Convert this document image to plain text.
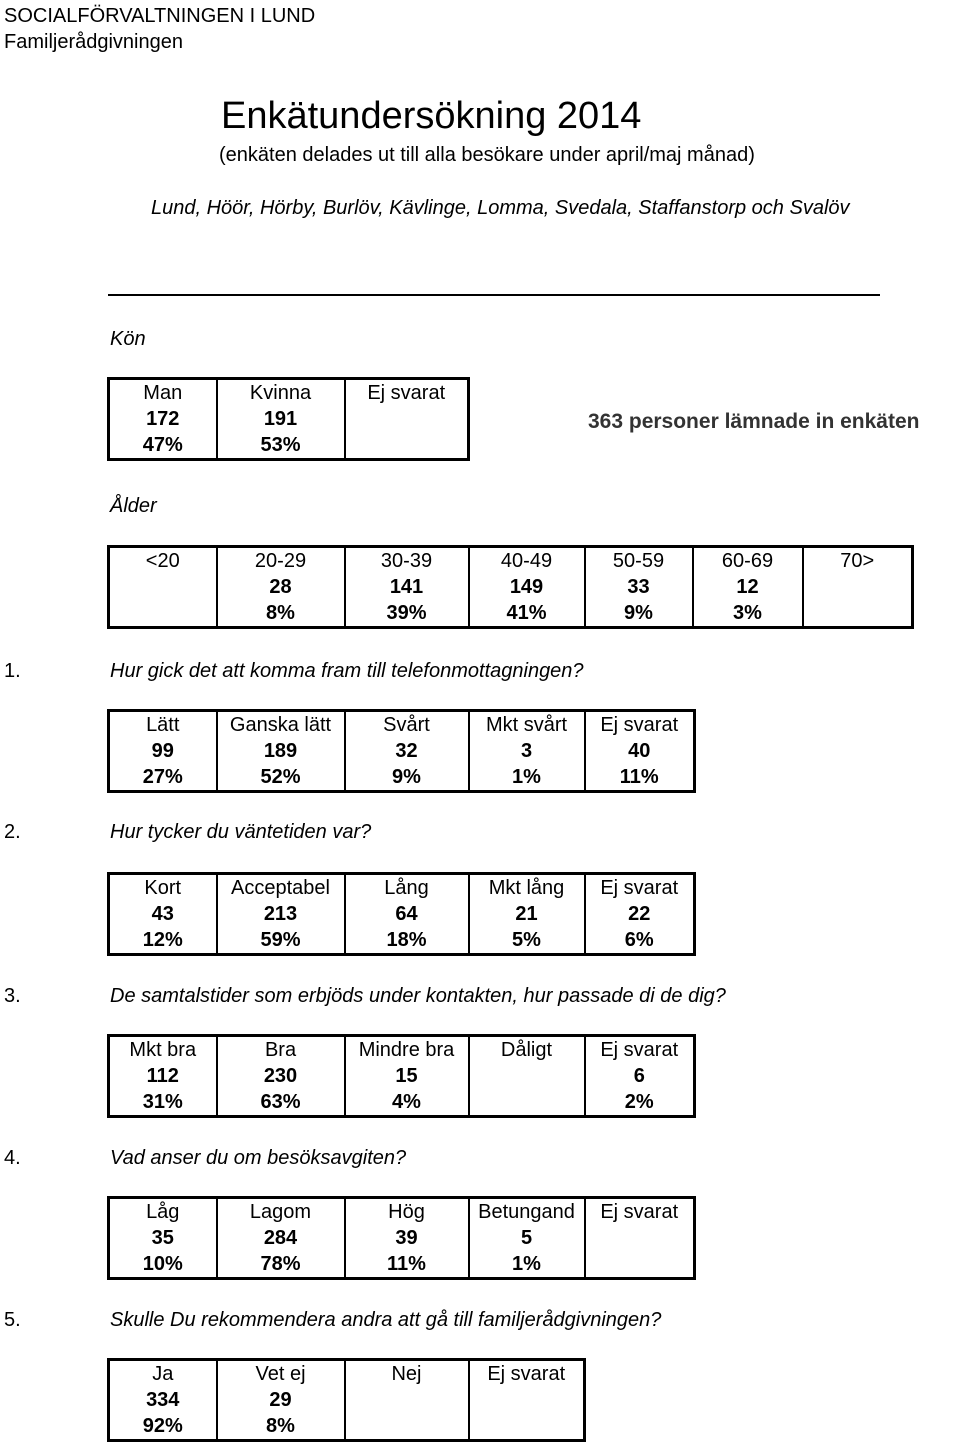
SOCIALFÖRVALTNINGEN I LUND
Familjerådgivningen
Enkätundersökning 2014
(enkäten delades ut till alla besökare under april/maj månad)
Lund, Höör, Hörby, Burlöv, Kävlinge, Lomma, Svedala, Staffanstorp och Svalöv
Kön
Man	Kvinna	Ej svarat
172	191	
47%	53%	
363 personer lämnade in enkäten
Ålder
<20	20-29	30-39	40-49	50-59	60-69	70>
	28	141	149	33	12	
	8%	39%	41%	9%	3%	
1.	Hur gick det att komma fram till telefonmottagningen?
Lätt	Ganska lätt	Svårt	Mkt svårt	Ej svarat
99	189	32	3	40
27%	52%	9%	1%	11%
2.	Hur tycker du väntetiden var?
Kort	Acceptabel	Lång	Mkt lång	Ej svarat
43	213	64	21	22
12%	59%	18%	5%	6%
3.	De samtalstider som erbjöds under kontakten, hur passade di de dig?
Mkt bra	Bra	Mindre bra	Dåligt	Ej svarat
112	230	15		6
31%	63%	4%		2%
4.	Vad anser du om besöksavgiten?
Låg	Lagom	Hög	Betungand	Ej svarat
35	284	39	5	
10%	78%	11%	1%	
5.	Skulle Du rekommendera andra att gå till familjerådgivningen?
Ja	Vet ej	Nej	Ej svarat
334	29		
92%	8%		
